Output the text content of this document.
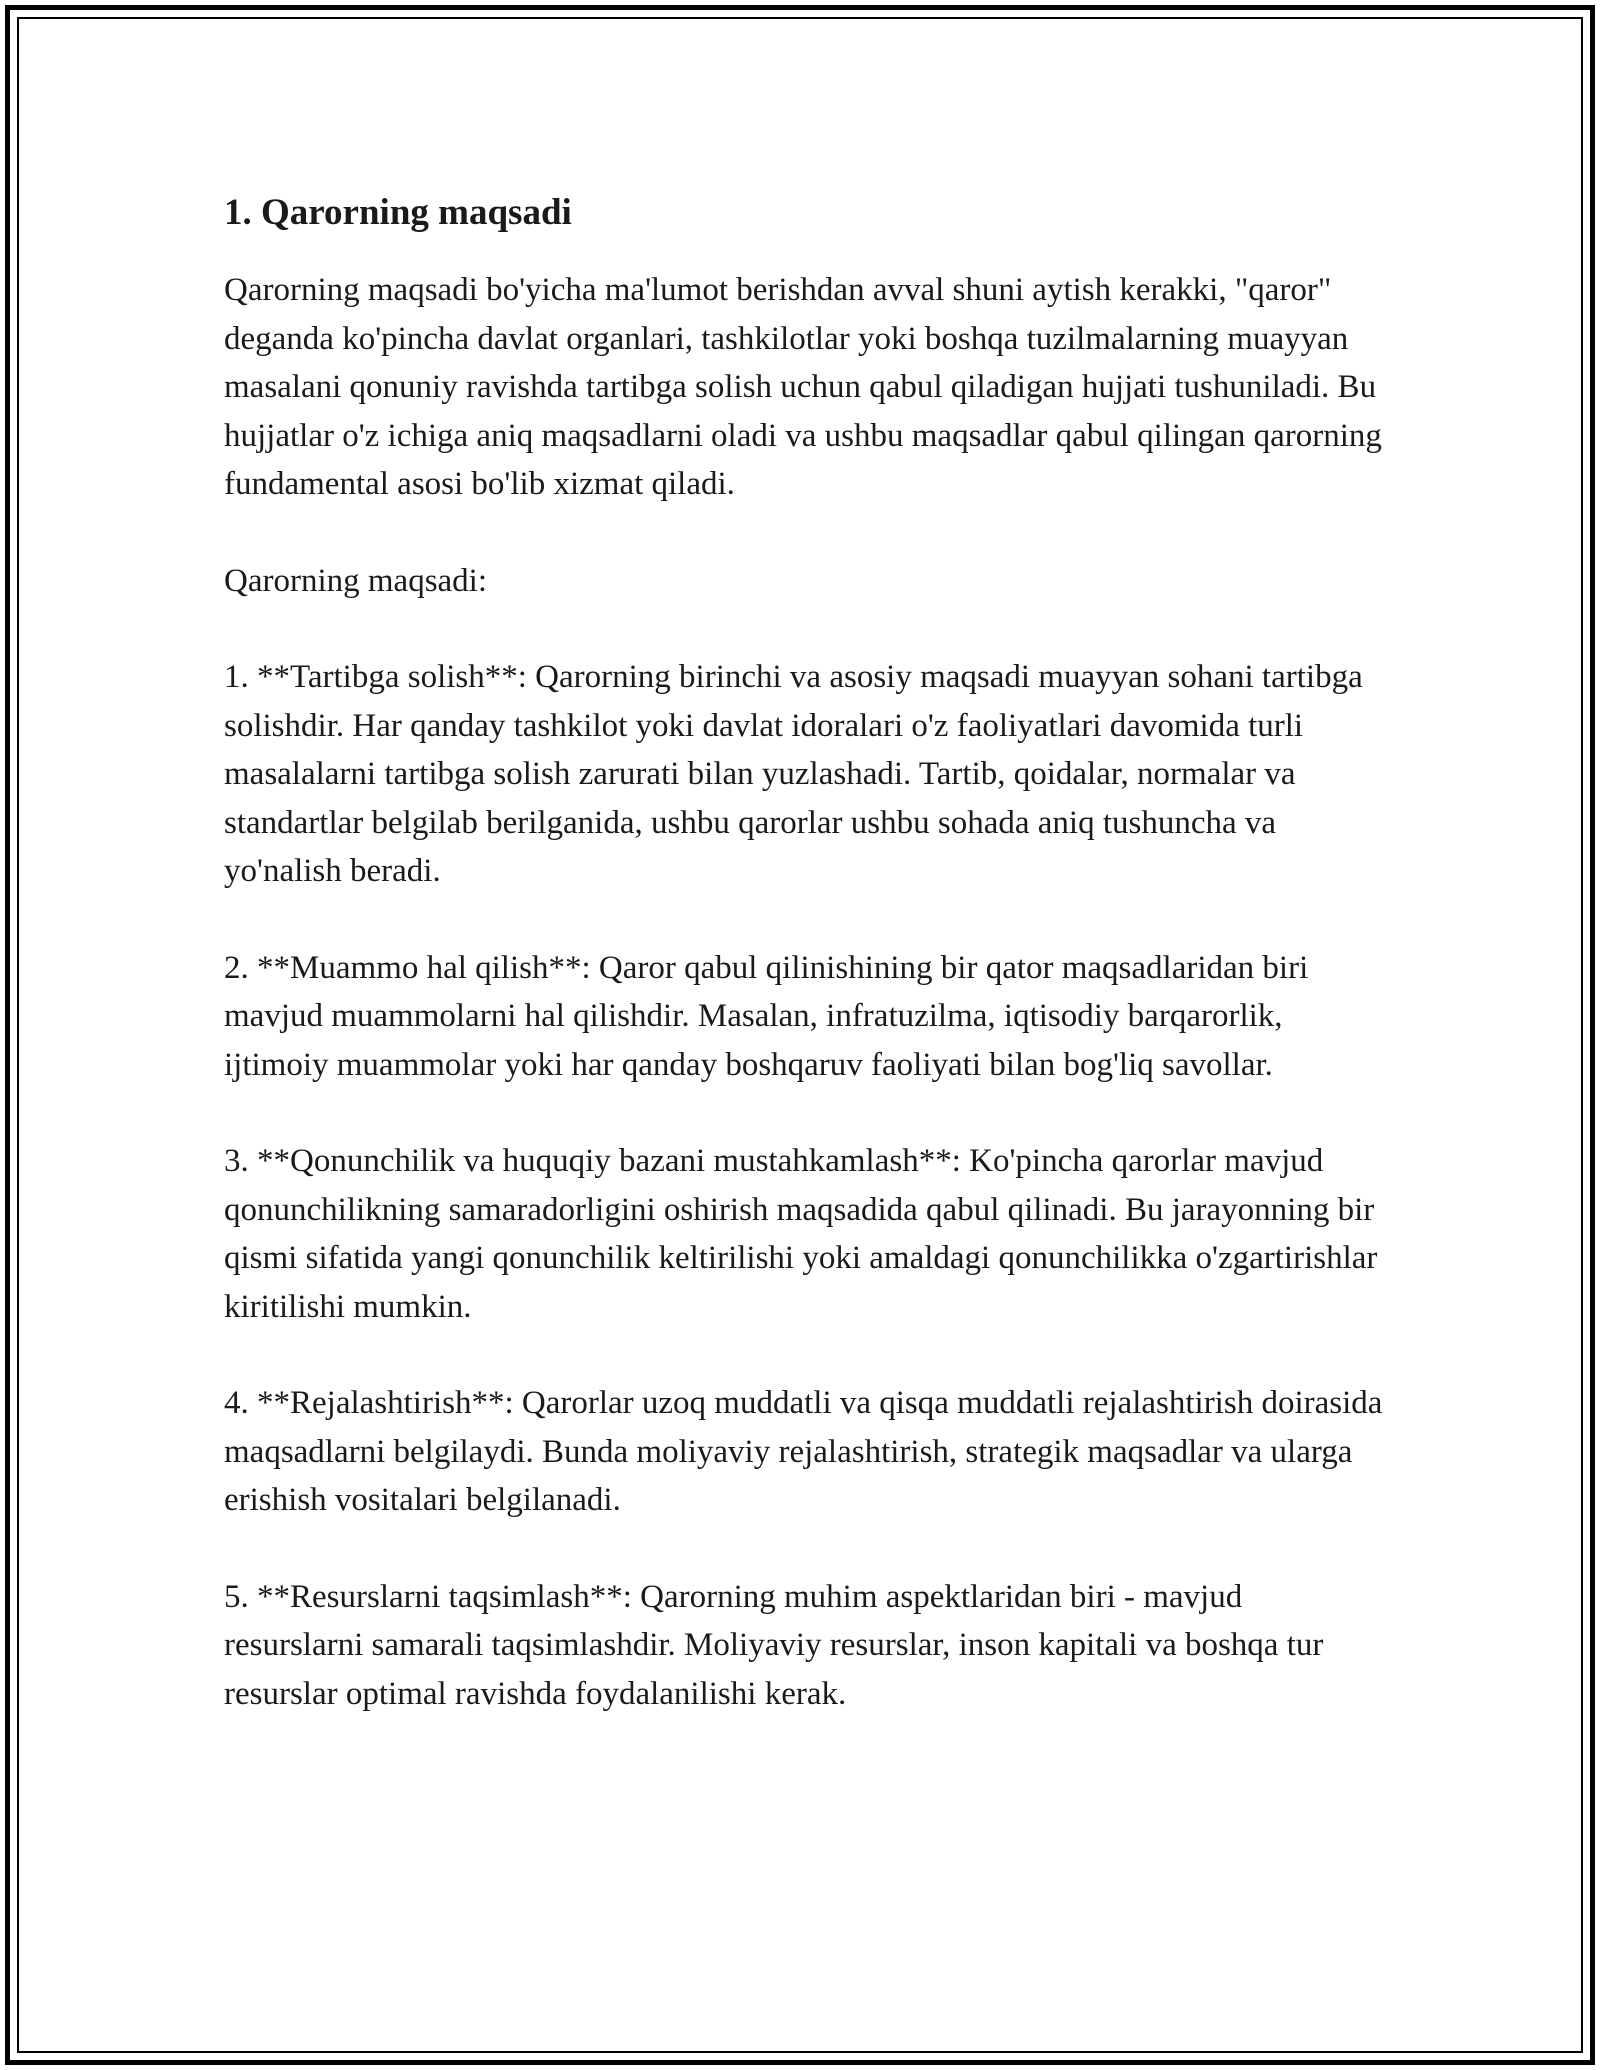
1. Qarorning maqsadi

Qarorning maqsadi bo'yicha ma'lumot berishdan avval shuni aytish kerakki, "qaror" deganda ko'pincha davlat organlari, tashkilotlar yoki boshqa tuzilmalarning muayyan masalani qonuniy ravishda tartibga solish uchun qabul qiladigan hujjati tushuniladi. Bu hujjatlar o'z ichiga aniq maqsadlarni oladi va ushbu maqsadlar qabul qilingan qarorning fundamental asosi bo'lib xizmat qiladi.

Qarorning maqsadi:

1. **Tartibga solish**: Qarorning birinchi va asosiy maqsadi muayyan sohani tartibga solishdir. Har qanday tashkilot yoki davlat idoralari o'z faoliyatlari davomida turli masalalarni tartibga solish zarurati bilan yuzlashadi. Tartib, qoidalar, normalar va standartlar belgilab berilganida, ushbu qarorlar ushbu sohada aniq tushuncha va yo'nalish beradi.

2. **Muammo hal qilish**: Qaror qabul qilinishining bir qator maqsadlaridan biri mavjud muammolarni hal qilishdir. Masalan, infratuzilma, iqtisodiy barqarorlik, ijtimoiy muammolar yoki har qanday boshqaruv faoliyati bilan bog'liq savollar.

3. **Qonunchilik va huquqiy bazani mustahkamlash**: Ko'pincha qarorlar mavjud qonunchilikning samaradorligini oshirish maqsadida qabul qilinadi. Bu jarayonning bir qismi sifatida yangi qonunchilik keltirilishi yoki amaldagi qonunchilikka o'zgartirishlar kiritilishi mumkin.

4. **Rejalashtirish**: Qarorlar uzoq muddatli va qisqa muddatli rejalashtirish doirasida maqsadlarni belgilaydi. Bunda moliyaviy rejalashtirish, strategik maqsadlar va ularga erishish vositalari belgilanadi.

5. **Resurslarni taqsimlash**: Qarorning muhim aspektlaridan biri - mavjud resurslarni samarali taqsimlashdir. Moliyaviy resurslar, inson kapitali va boshqa tur resurslar optimal ravishda foydalanilishi kerak.
